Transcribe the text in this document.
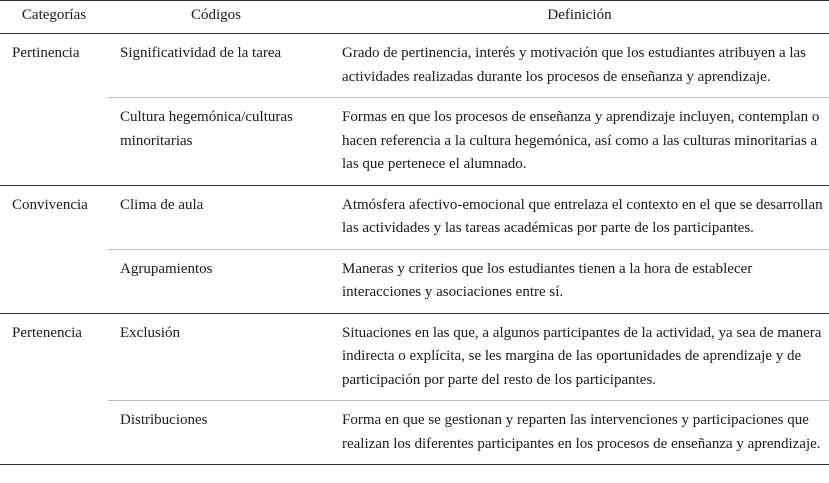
Categorías	Códigos	Definición
Pertinencia	Significatividad de la tarea	Grado de pertinencia, interés y motivación que los estudiantes atribuyen a las actividades realizadas durante los procesos de enseñanza y aprendizaje.
	Cultura hegemónica/culturas minoritarias	Formas en que los procesos de enseñanza y aprendizaje incluyen, contemplan o hacen referencia a la cultura hegemónica, así como a las culturas minoritarias a las que pertenece el alumnado.
Convivencia	Clima de aula	Atmósfera afectivo-emocional que entrelaza el contexto en el que se desarrollan las actividades y las tareas académicas por parte de los participantes.
	Agrupamientos	Maneras y criterios que los estudiantes tienen a la hora de establecer interacciones y asociaciones entre sí.
Pertenencia	Exclusión	Situaciones en las que, a algunos participantes de la actividad, ya sea de manera indirecta o explícita, se les margina de las oportunidades de aprendizaje y de participación por parte del resto de los participantes.
	Distribuciones	Forma en que se gestionan y reparten las intervenciones y participaciones que realizan los diferentes participantes en los procesos de enseñanza y aprendizaje.
